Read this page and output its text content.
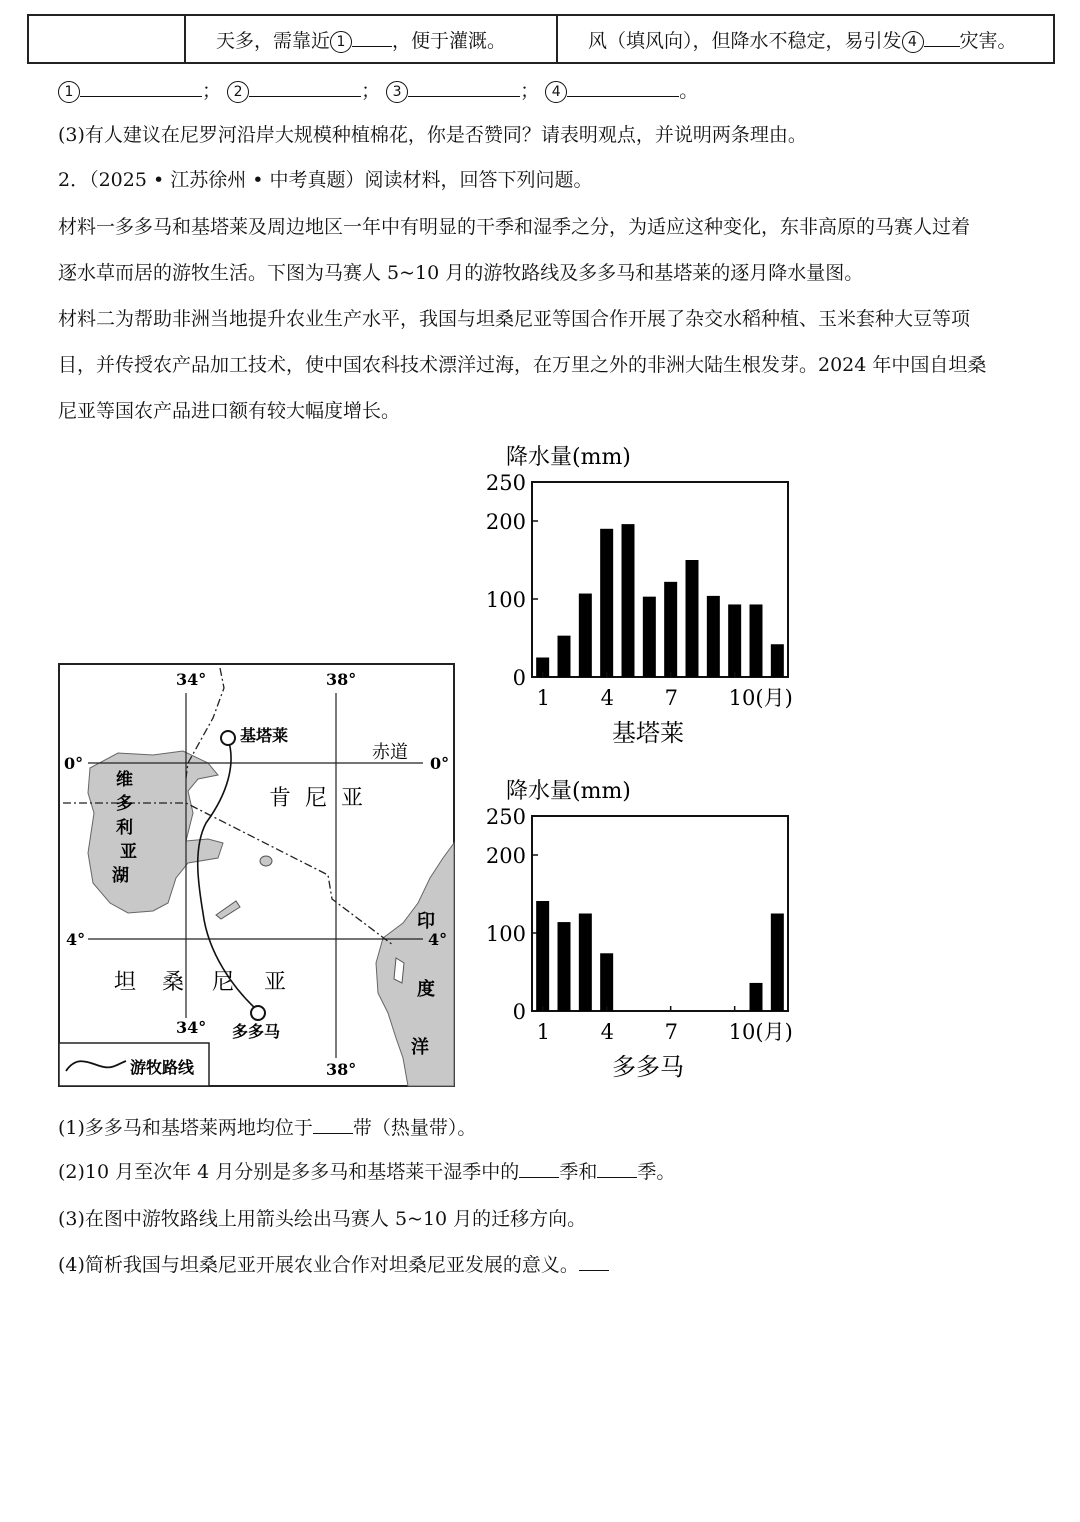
	天多，需靠近 1 ，便于灌溉。	风（填风向），但降水不稳定，易引发 4 灾害。
1	； 2	； 3	； 4	。
(3)有人建议在尼罗河沿岸大规模种植棉花，你是否赞同？请表明观点，并说明两条理由。
2．（2025 • 江苏徐州 • 中考真题）阅读材料，回答下列问题。
材料一多多马和基塔莱及周边地区一年中有明显的干季和湿季之分，为适应这种变化，东非高原的马赛人过着
逐水草而居的游牧生活。下图为马赛人 5~10 月的游牧路线及多多马和基塔莱的逐月降水量图。
材料二为帮助非洲当地提升农业生产水平，我国与坦桑尼亚等国合作开展了杂交水稻种植、玉米套种大豆等项
目，并传授农产品加工技术，使中国农科技术漂洋过海，在万里之外的非洲大陆生根发芽。2024 年中国自坦桑
尼亚等国农产品进口额有较大幅度增长。
34°	38°
34°
38°
0°	0°
4°	4°
赤道
基塔莱
多多马
肯 尼 亚
坦 桑 尼 亚
维
多
利
亚
湖
印
度
洋
游牧路线
降水量(mm)
0
100
200
250
1 4 7 10(月)
基塔莱
降水量(mm)
0
100
200
250
1 4 7 10(月)
多多马
(1)多多马和基塔莱两地均位于 带（热量带）。
(2)10 月至次年 4 月分别是多多马和基塔莱干湿季中的 季和 季。
(3)在图中游牧路线上用箭头绘出马赛人 5~10 月的迁移方向。
(4)简析我国与坦桑尼亚开展农业合作对坦桑尼亚发展的意义。
